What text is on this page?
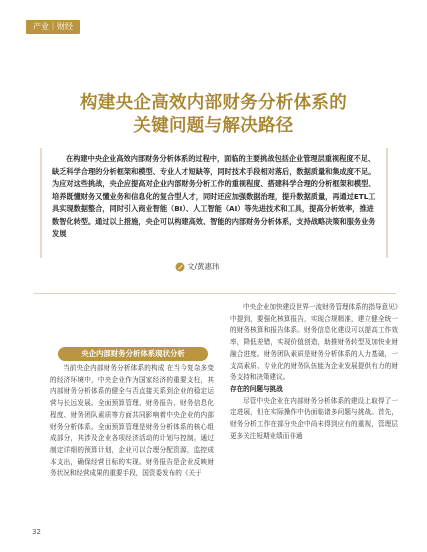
产业｜财经
构建央企高效内部财务分析体系的
关键问题与解决路径
在构建中央企业高效内部财务分析体系的过程中，面临的主要挑战包括企业管理层重视程度不足、缺乏科学合理的分析框架和模型、专业人才短缺等，同时技术手段相对落后，数据质量和集成度不足。为应对这些挑战，央企应提高对企业内部财务分析工作的重视程度、搭建科学合理的分析框架和模型、培养既懂财务又懂业务和信息化的复合型人才，同时还应加强数据治理，提升数据质量，再通过ETL工具实现数据整合，同时引入商业智能（BI）、人工智能（AI）等先进技术和工具，提高分析效率，推进数智化转型。通过以上措施，央企可以构建高效、智能的内部财务分析体系，支持战略决策和服务业务发展
文/黄惠玮
央企内部财务分析体系现状分析

当前央企内部财务分析体系的构成 在当今复杂多变的经济环境中，中央企业作为国家经济的重要支柱，其内部财务分析体系的健全与否直接关系到企业的稳定运营与长远发展。全面预算管理、财务报告、财务信息化程度、财务团队素质等方面共同影响着中央企业的内部财务分析体系。全面预算管理是财务分析体系的核心组成部分，其涉及企业各项经济活动的计划与控制。通过制定详细的预算计划，企业可以合理分配资源，监控成本支出，确保经营目标的实现。财务报告是企业反映财务状况和经营成果的重要手段，国资委发布的《关于

中央企业加快建设世界一流财务管理体系的指导意见》中提到，要强化核算报告，实现合规精准，建立健全统一的财务核算和报告体系。财务信息化建设可以提高工作效率，降低差错，实现价值创造，助推财务转型及加快业财融合进度。财务团队素质是财务分析体系的人力基础，一支高素质、专业化的财务队伍能为企业发展提供有力的财务支持和决策建议。

存在的问题与挑战

尽管中央企业在内部财务分析体系的建设上取得了一定进展，但在实际操作中仍面临诸多问题与挑战。首先，财务分析工作在部分央企中尚未得到应有的重视，管理层更多关注短期业绩而非通

32
